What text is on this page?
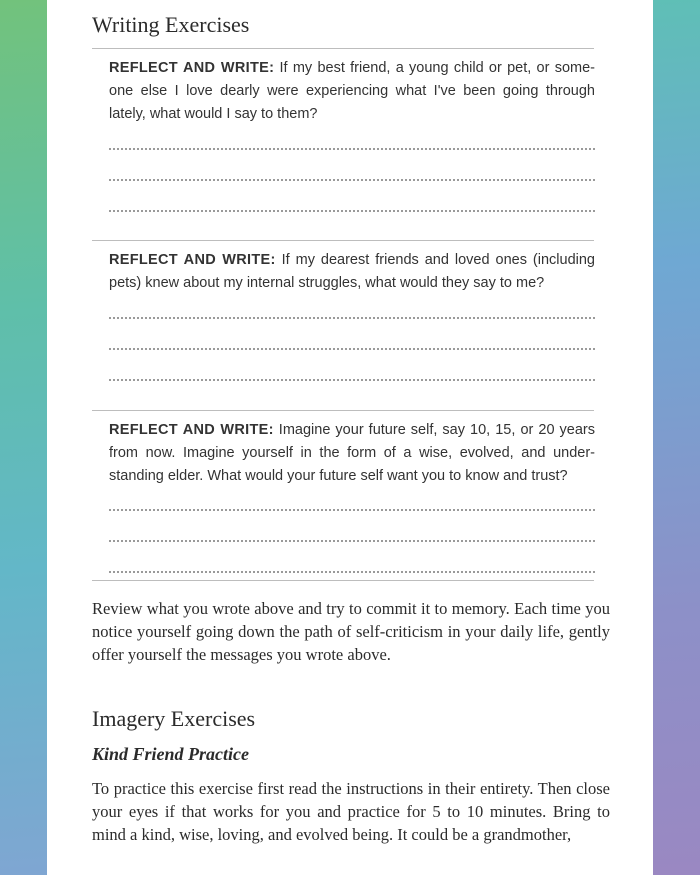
Writing Exercises

REFLECT AND WRITE: If my best friend, a young child or pet, or some-one else I love dearly were experiencing what I've been going through lately, what would I say to them?

REFLECT AND WRITE: If my dearest friends and loved ones (including pets) knew about my internal struggles, what would they say to me?

REFLECT AND WRITE: Imagine your future self, say 10, 15, or 20 years from now. Imagine yourself in the form of a wise, evolved, and under-standing elder. What would your future self want you to know and trust?

Review what you wrote above and try to commit it to memory. Each time you notice yourself going down the path of self-criticism in your daily life, gently offer yourself the messages you wrote above.

Imagery Exercises
Kind Friend Practice

To practice this exercise first read the instructions in their entirety. Then close your eyes if that works for you and practice for 5 to 10 minutes. Bring to mind a kind, wise, loving, and evolved being. It could be a grandmother,
